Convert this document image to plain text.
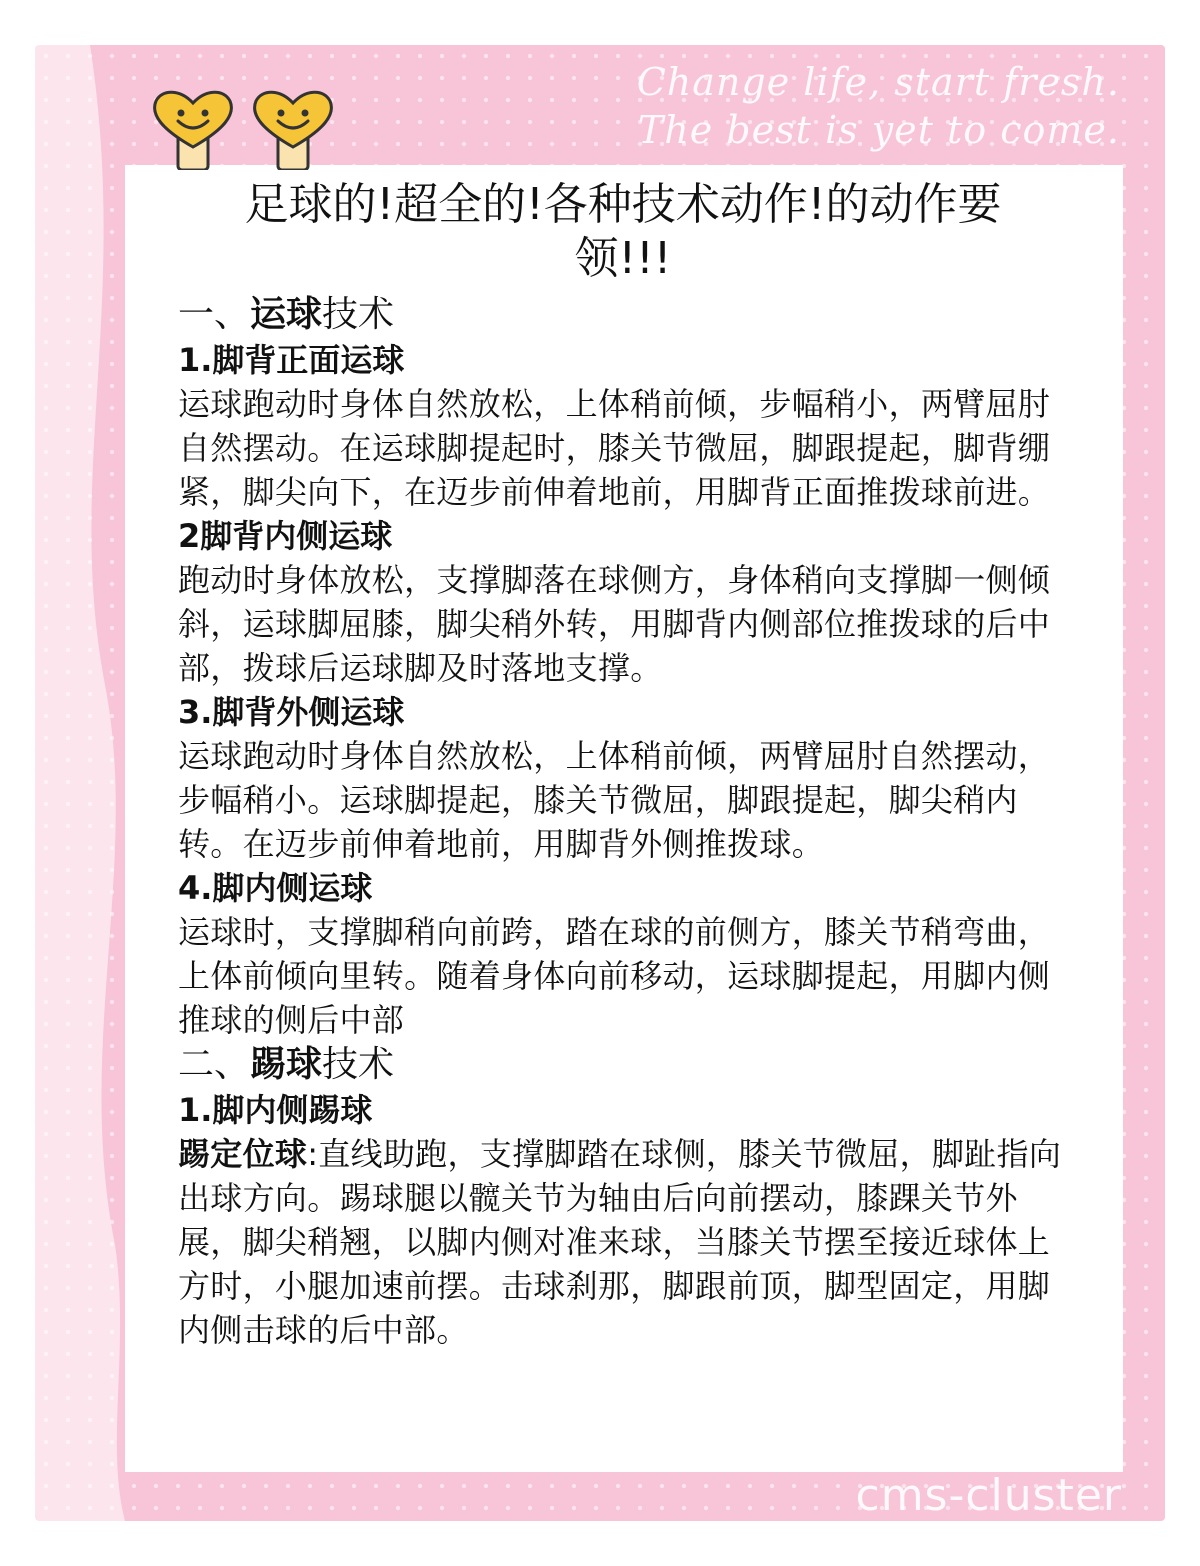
Change life, start fresh.
The best is yet to come.
足球的!超全的!各种技术动作!的动作要领!!!
一、运球技术
1.脚背正面运球

运球跑动时身体自然放松，上体稍前倾，步幅稍小，两臂屈肘自然摆动。在运球脚提起时，膝关节微屈，脚跟提起，脚背绷紧，脚尖向下，在迈步前伸着地前，用脚背正面推拨球前进。

2脚背内侧运球

跑动时身体放松，支撑脚落在球侧方，身体稍向支撑脚一侧倾斜，运球脚屈膝，脚尖稍外转，用脚背内侧部位推拨球的后中部，拨球后运球脚及时落地支撑。

3.脚背外侧运球

运球跑动时身体自然放松，上体稍前倾，两臂屈肘自然摆动，步幅稍小。运球脚提起，膝关节微屈，脚跟提起，脚尖稍内转。在迈步前伸着地前，用脚背外侧推拨球。

4.脚内侧运球

运球时，支撑脚稍向前跨，踏在球的前侧方，膝关节稍弯曲，上体前倾向里转。随着身体向前移动，运球脚提起，用脚内侧推球的侧后中部

二、踢球技术
1.脚内侧踢球

踢定位球:直线助跑，支撑脚踏在球侧，膝关节微屈，脚趾指向出球方向。踢球腿以髋关节为轴由后向前摆动，膝踝关节外展，脚尖稍翘，以脚内侧对准来球，当膝关节摆至接近球体上方时，小腿加速前摆。击球刹那，脚跟前顶，脚型固定，用脚内侧击球的后中部。

cms-cluster
